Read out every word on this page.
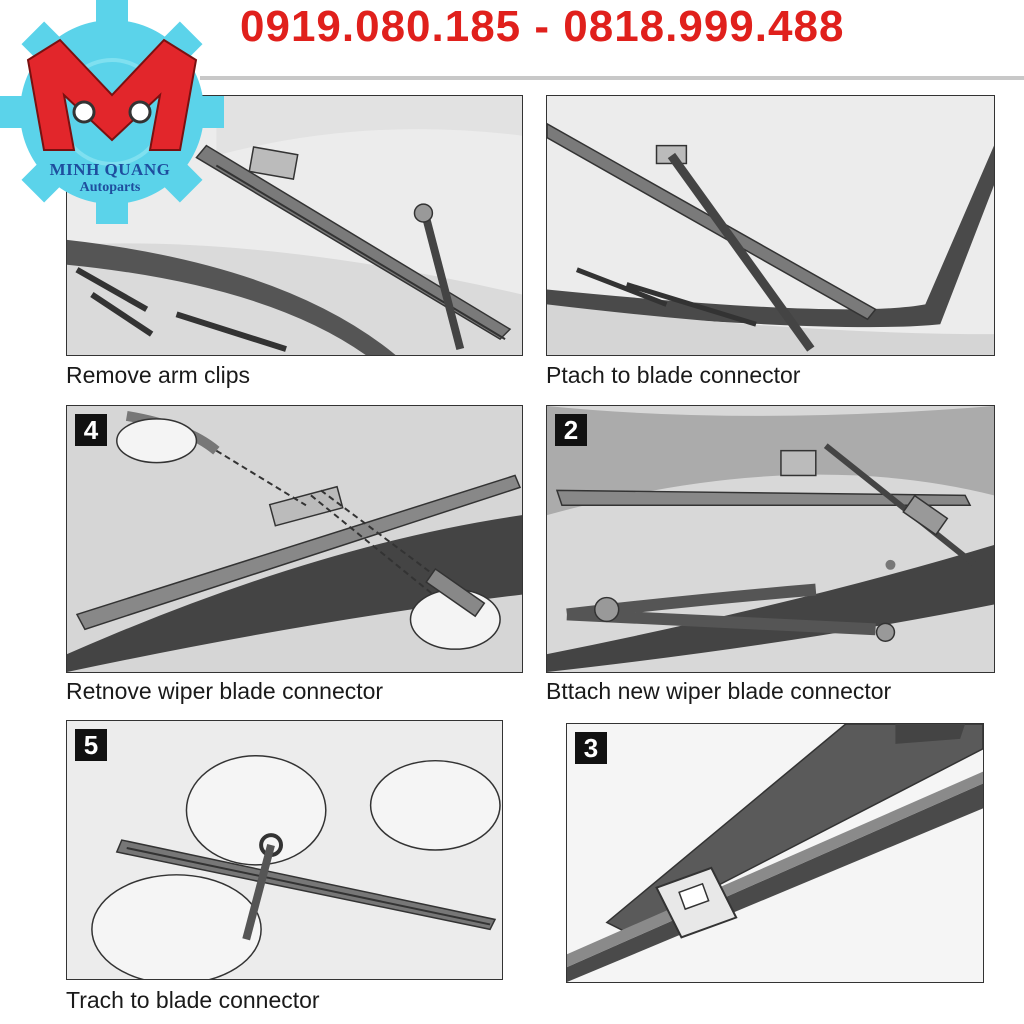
0919.080.185 - 0818.999.488
Remove arm clips	Ptach to blade connector
4
Retnove wiper blade connector
2
Bttach new wiper blade connector
5
Trach to blade connector
3
MINH QUANG
Autoparts
